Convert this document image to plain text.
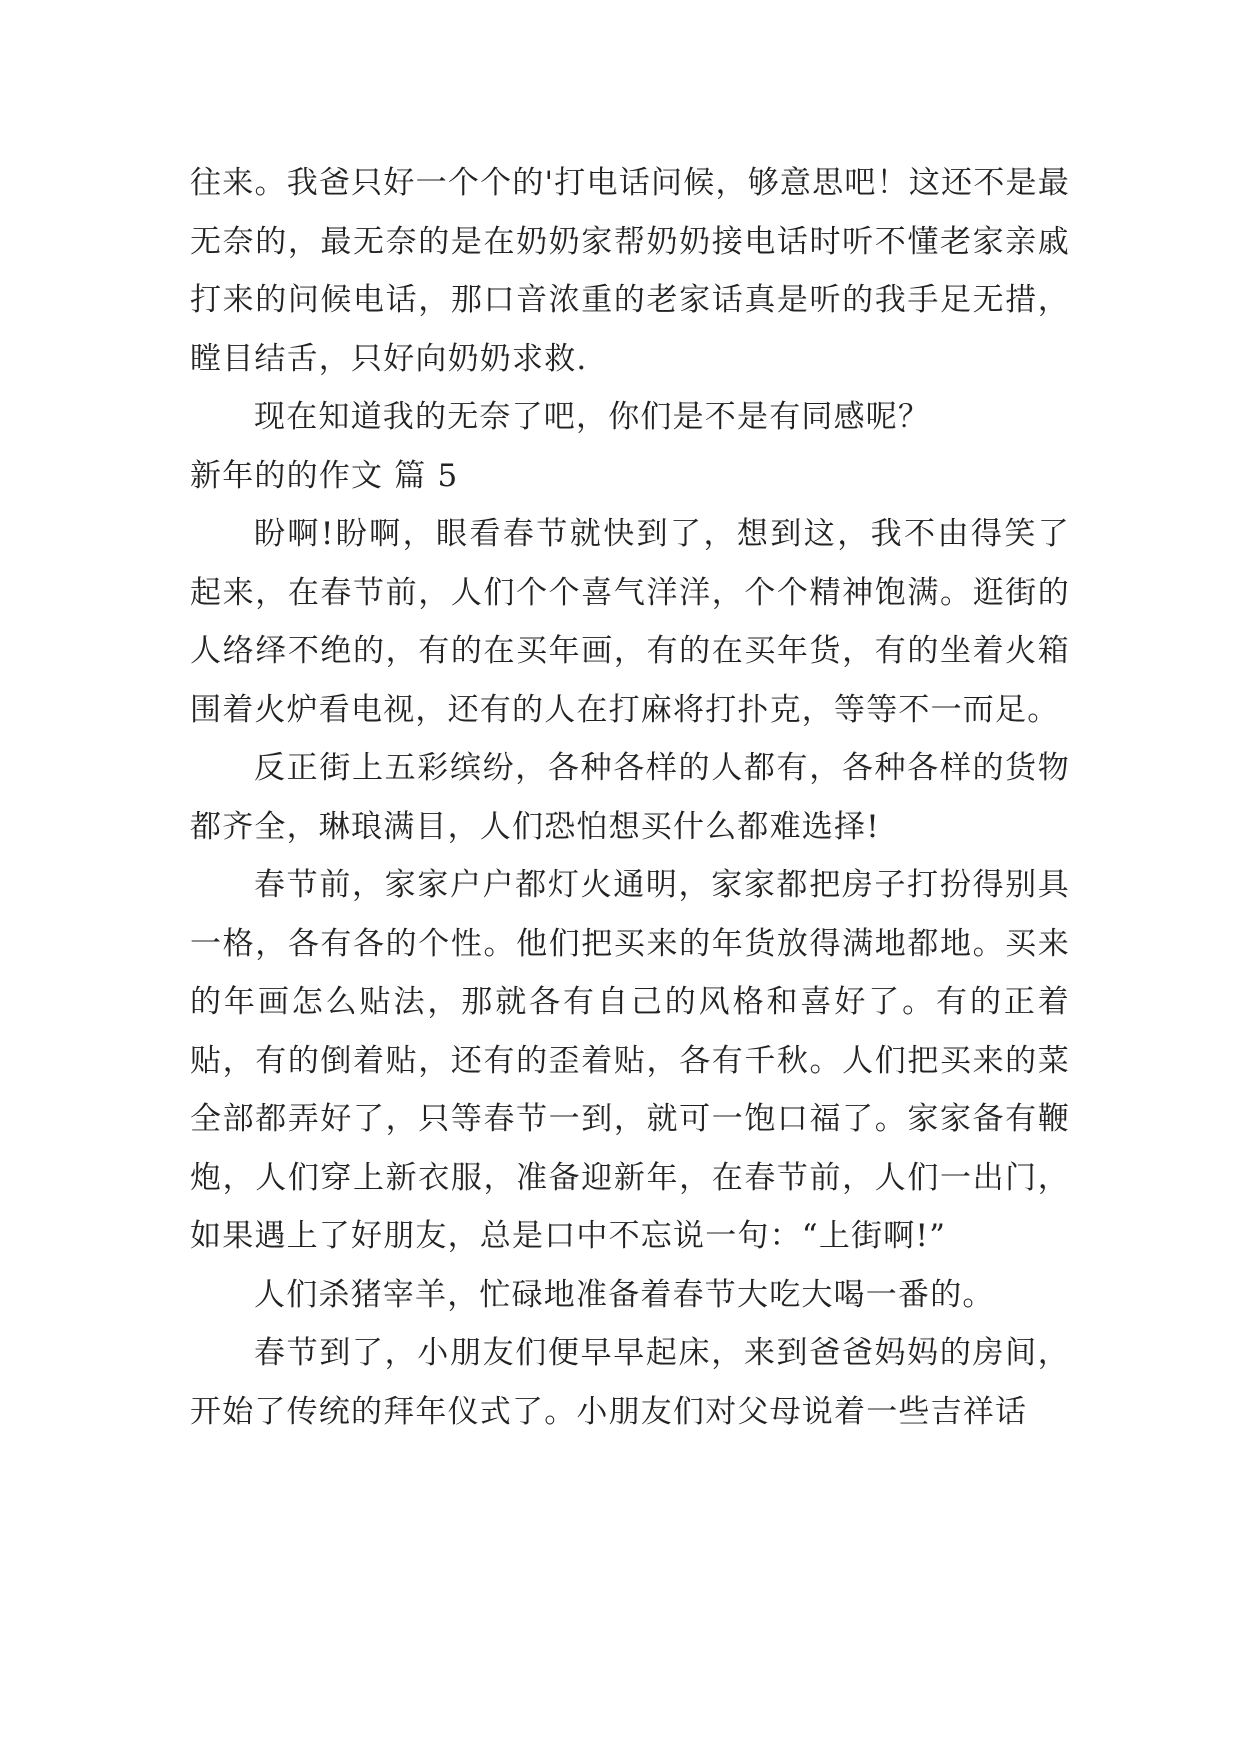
往来。我爸只好一个个的'打电话问候，够意思吧！这还不是最无奈的，最无奈的是在奶奶家帮奶奶接电话时听不懂老家亲戚打来的问候电话，那口音浓重的老家话真是听的我手足无措，瞠目结舌，只好向奶奶求救.

现在知道我的无奈了吧，你们是不是有同感呢？

新年的的作文 篇 5

盼啊!盼啊，眼看春节就快到了，想到这，我不由得笑了起来，在春节前，人们个个喜气洋洋，个个精神饱满。逛街的人络绎不绝的，有的在买年画，有的在买年货，有的坐着火箱围着火炉看电视，还有的人在打麻将打扑克，等等不一而足。

反正街上五彩缤纷，各种各样的人都有，各种各样的货物都齐全，琳琅满目，人们恐怕想买什么都难选择!

春节前，家家户户都灯火通明，家家都把房子打扮得别具一格，各有各的个性。他们把买来的年货放得满地都地。买来的年画怎么贴法，那就各有自己的风格和喜好了。有的正着贴，有的倒着贴，还有的歪着贴，各有千秋。人们把买来的菜全部都弄好了，只等春节一到，就可一饱口福了。家家备有鞭炮，人们穿上新衣服，准备迎新年，在春节前，人们一出门，如果遇上了好朋友，总是口中不忘说一句：“上街啊!”

人们杀猪宰羊，忙碌地准备着春节大吃大喝一番的。

春节到了，小朋友们便早早起床，来到爸爸妈妈的房间，开始了传统的拜年仪式了。小朋友们对父母说着一些吉祥话
